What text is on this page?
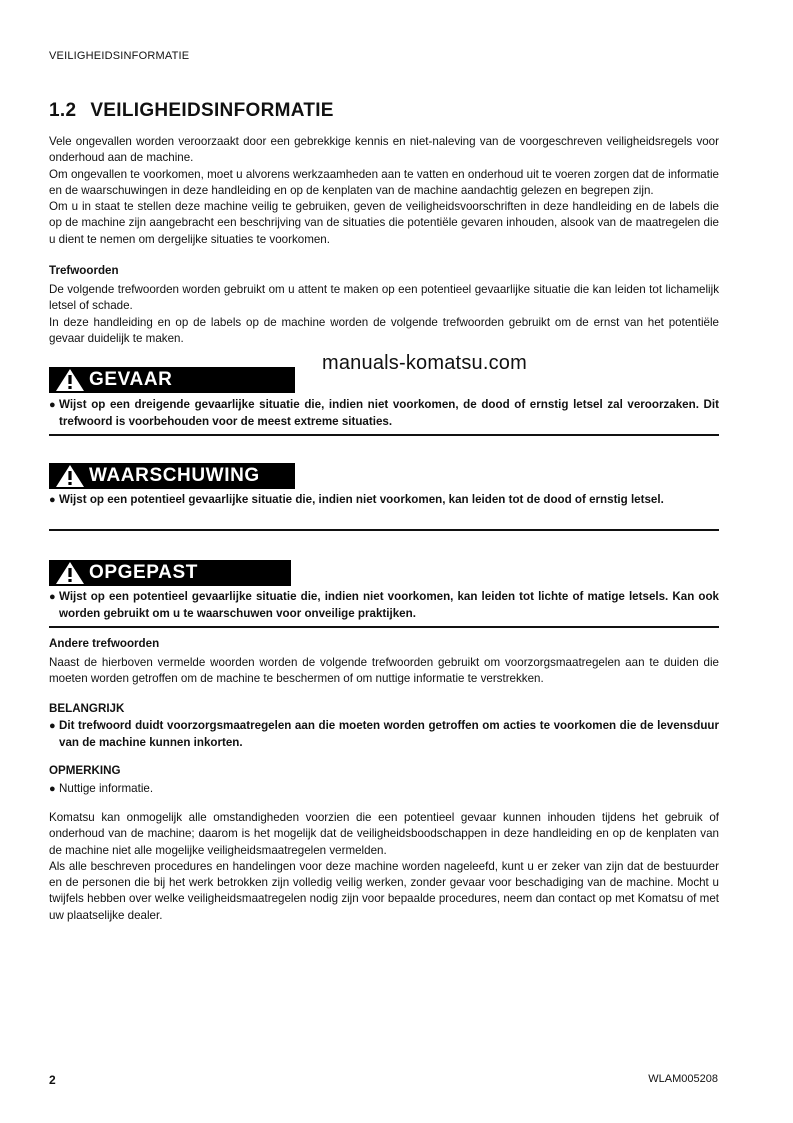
VEILIGHEIDSINFORMATIE
1.2 VEILIGHEIDSINFORMATIE

Vele ongevallen worden veroorzaakt door een gebrekkige kennis en niet-naleving van de voorgeschreven veiligheidsregels voor onderhoud aan de machine.

Om ongevallen te voorkomen, moet u alvorens werkzaamheden aan te vatten en onderhoud uit te voeren zorgen dat de informatie en de waarschuwingen in deze handleiding en op de kenplaten van de machine aandachtig gelezen en begrepen zijn.

Om u in staat te stellen deze machine veilig te gebruiken, geven de veiligheidsvoorschriften in deze handleiding en de labels die op de machine zijn aangebracht een beschrijving van de situaties die potentiële gevaren inhouden, alsook van de maatregelen die u dient te nemen om dergelijke situaties te voorkomen.

Trefwoorden

De volgende trefwoorden worden gebruikt om u attent te maken op een potentieel gevaarlijke situatie die kan leiden tot lichamelijk letsel of schade.

In deze handleiding en op de labels op de machine worden de volgende trefwoorden gebruikt om de ernst van het potentiële gevaar duidelijk te maken.

manuals-komatsu.com
GEVAAR
● Wijst op een dreigende gevaarlijke situatie die, indien niet voorkomen, de dood of ernstig letsel zal veroorzaken. Dit trefwoord is voorbehouden voor de meest extreme situaties.
WAARSCHUWING
● Wijst op een potentieel gevaarlijke situatie die, indien niet voorkomen, kan leiden tot de dood of ernstig letsel.
OPGEPAST
● Wijst op een potentieel gevaarlijke situatie die, indien niet voorkomen, kan leiden tot lichte of matige letsels. Kan ook worden gebruikt om u te waarschuwen voor onveilige praktijken.
Andere trefwoorden
Naast de hierboven vermelde woorden worden de volgende trefwoorden gebruikt om voorzorgsmaatregelen aan te duiden die moeten worden getroffen om de machine te beschermen of om nuttige informatie te verstrekken.
BELANGRIJK
● Dit trefwoord duidt voorzorgsmaatregelen aan die moeten worden getroffen om acties te voorkomen die de levensduur van de machine kunnen inkorten.
OPMERKING
● Nuttige informatie.

Komatsu kan onmogelijk alle omstandigheden voorzien die een potentieel gevaar kunnen inhouden tijdens het gebruik of onderhoud van de machine; daarom is het mogelijk dat de veiligheidsboodschappen in deze handleiding en op de kenplaten van de machine niet alle mogelijke veiligheidsmaatregelen vermelden.

Als alle beschreven procedures en handelingen voor deze machine worden nageleefd, kunt u er zeker van zijn dat de bestuurder en de personen die bij het werk betrokken zijn volledig veilig werken, zonder gevaar voor beschadiging van de machine. Mocht u twijfels hebben over welke veiligheidsmaatregelen nodig zijn voor bepaalde procedures, neem dan contact op met Komatsu of met uw plaatselijke dealer.

2	WLAM005208
